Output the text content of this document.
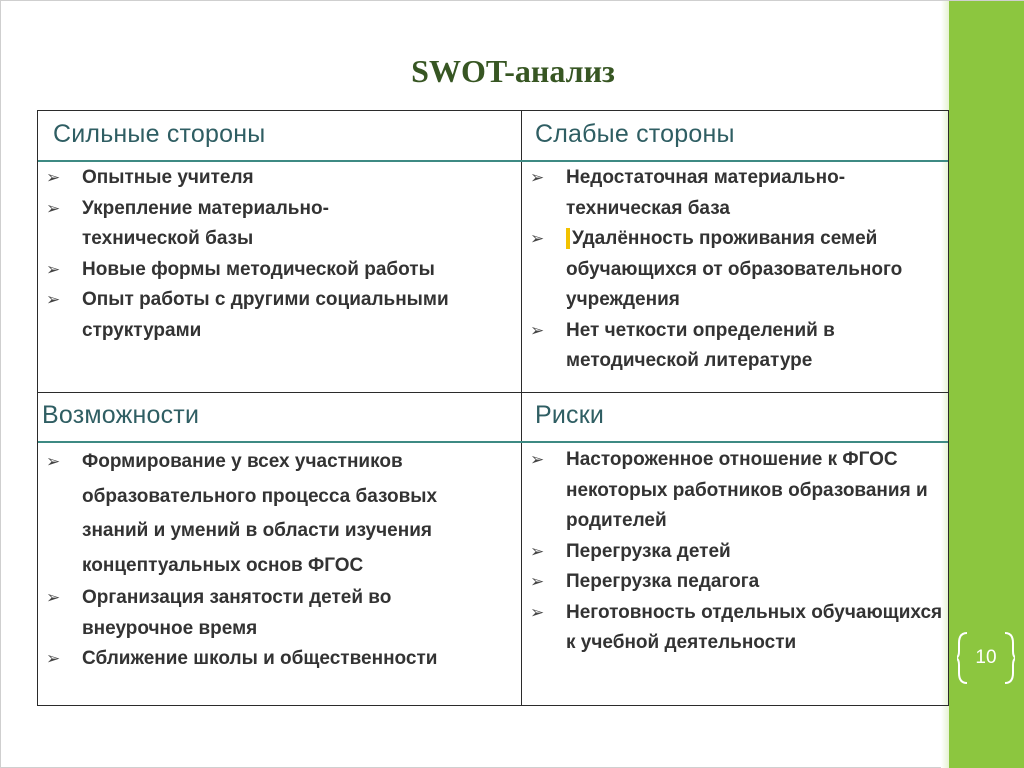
10
SWOT-анализ
Сильные стороны
➢ Опытные учителя
➢ Укрепление материально-
технической базы
➢ Новые формы методической работы
➢ Опыт работы с другими социальными
структурами
Слабые стороны
➢ Недостаточная материально-
техническая база
➢ Удалённость проживания семей
обучающихся от образовательного
учреждения
➢ Нет четкости определений в
методической литературе
Возможности
➢ Формирование у всех участников
образовательного процесса базовых
знаний и умений в области изучения
концептуальных основ ФГОС
➢ Организация занятости детей во
внеурочное время
➢ Сближение школы и общественности
Риски
➢ Настороженное отношение к ФГОС
некоторых работников образования и
родителей
➢ Перегрузка детей
➢ Перегрузка педагога
➢ Неготовность отдельных обучающихся
к учебной деятельности
